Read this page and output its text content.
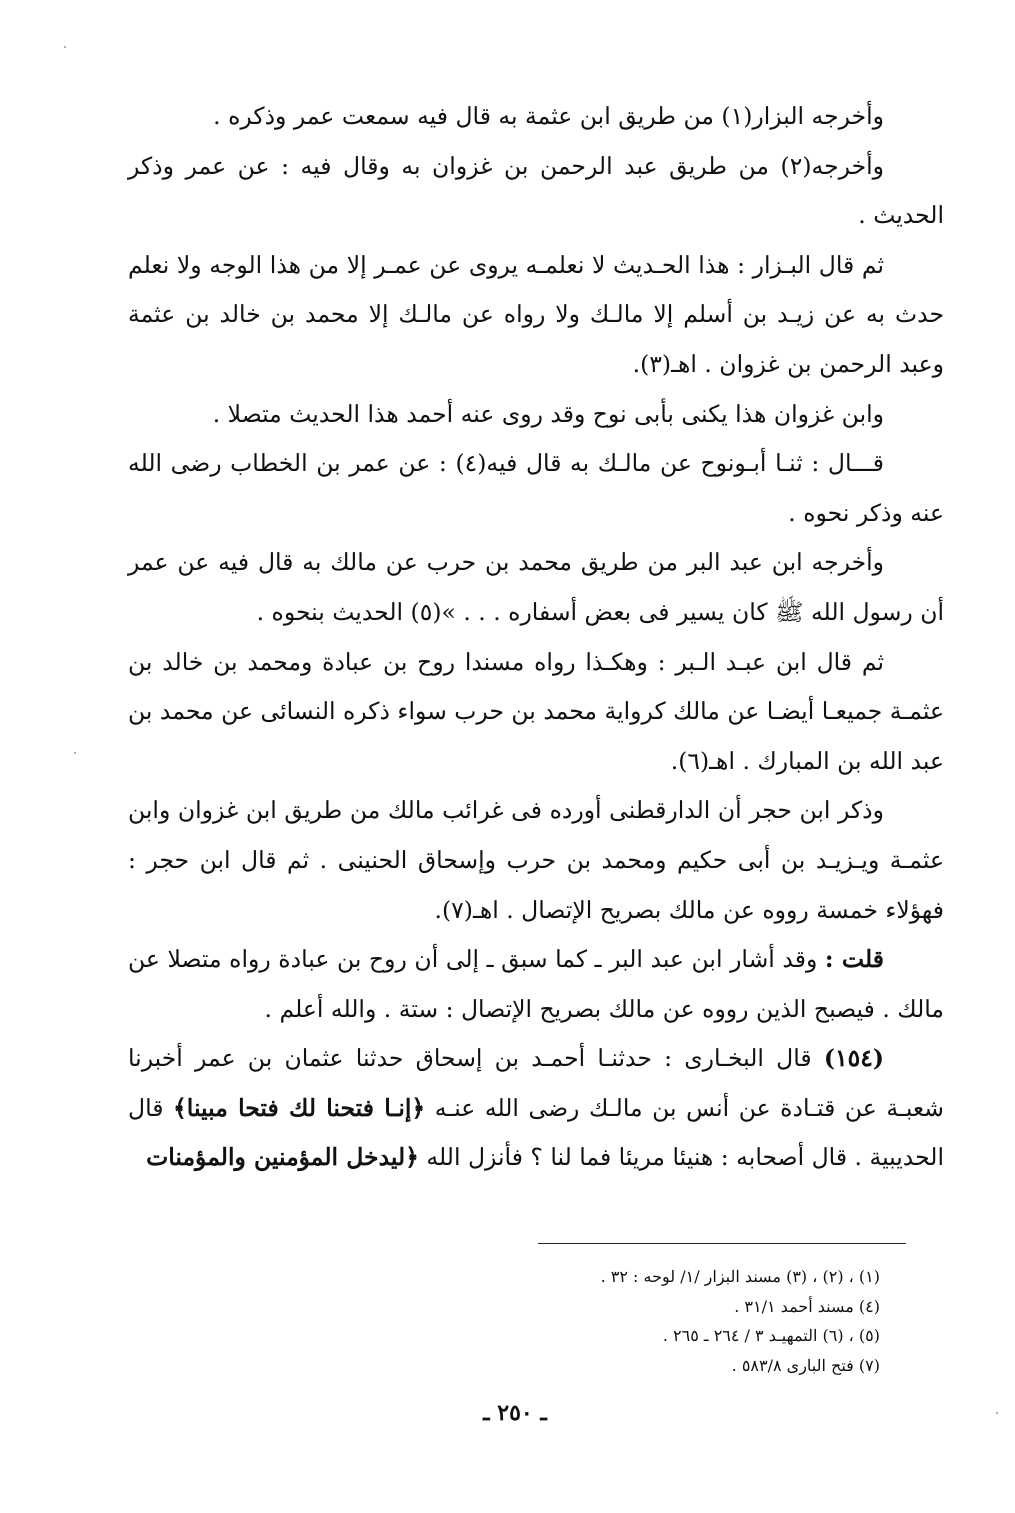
وأخرجه البزار(١) من طريق ابن عثمة به قال فيه سمعت عمر وذكره .

وأخرجه(٢) من طريق عبد الرحمن بن غزوان به وقال فيه : عن عمر وذكر الحديث .

ثم قال البـزار : هذا الحـديث لا نعلمـه يروى عن عمـر إلا من هذا الوجه ولا نعلم حدث به عن زيـد بن أسلم إلا مالـك ولا رواه عن مالـك إلا محمد بن خالد بن عثمة وعبد الرحمن بن غزوان . اهـ(٣).

وابن غزوان هذا يكنى بأبى نوح وقد روى عنه أحمد هذا الحديث متصلا .

قـــال : ثنـا أبـونوح عن مالـك به قال فيه(٤) : عن عمر بن الخطاب رضى الله عنه وذكر نحوه .

وأخرجه ابن عبد البر من طريق محمد بن حرب عن مالك به قال فيه عن عمر أن رسول الله ﷺ كان يسير فى بعض أسفاره . . . »(٥) الحديث بنحوه .

ثم قال ابن عبـد الـبر : وهكـذا رواه مسندا روح بن عبادة ومحمد بن خالد بن عثمـة جميعـا أيضـا عن مالك كرواية محمد بن حرب سواء ذكره النسائى عن محمد بن عبد الله بن المبارك . اهـ(٦).

وذكر ابن حجر أن الدارقطنى أورده فى غرائب مالك من طريق ابن غزوان وابن عثمـة ويـزيـد بن أبى حكيم ومحمد بن حرب وإسحاق الحنينى . ثم قال ابن حجر : فهؤلاء خمسة رووه عن مالك بصريح الإتصال . اهـ(٧).

قلت : وقد أشار ابن عبد البر ـ كما سبق ـ إلى أن روح بن عبادة رواه متصلا عن مالك . فيصبح الذين رووه عن مالك بصريح الإتصال : ستة . والله أعلم .

(١٥٤) قال البخـارى : حدثنـا أحمـد بن إسحاق حدثنا عثمان بن عمر أخبرنا شعبـة عن قتـادة عن أنس بن مالـك رضى الله عنـه ﴿إنـا فتحنا لك فتحا مبينا﴾ قال الحديبية . قال أصحابه : هنيئا مريئا فما لنا ؟ فأنزل الله ﴿ليدخل المؤمنين والمؤمنات

(١) ، (٢) ، (٣) مسند البزار /١/ لوحه : ٣٢ .
(٤) مسند أحمد ٣١/١ .
(٥) ، (٦) التمهيـد ٣ / ٢٦٤ ـ ٢٦٥ .
(٧) فتح البارى ٥٨٣/٨ .
ـ ٢٥٠ ـ
